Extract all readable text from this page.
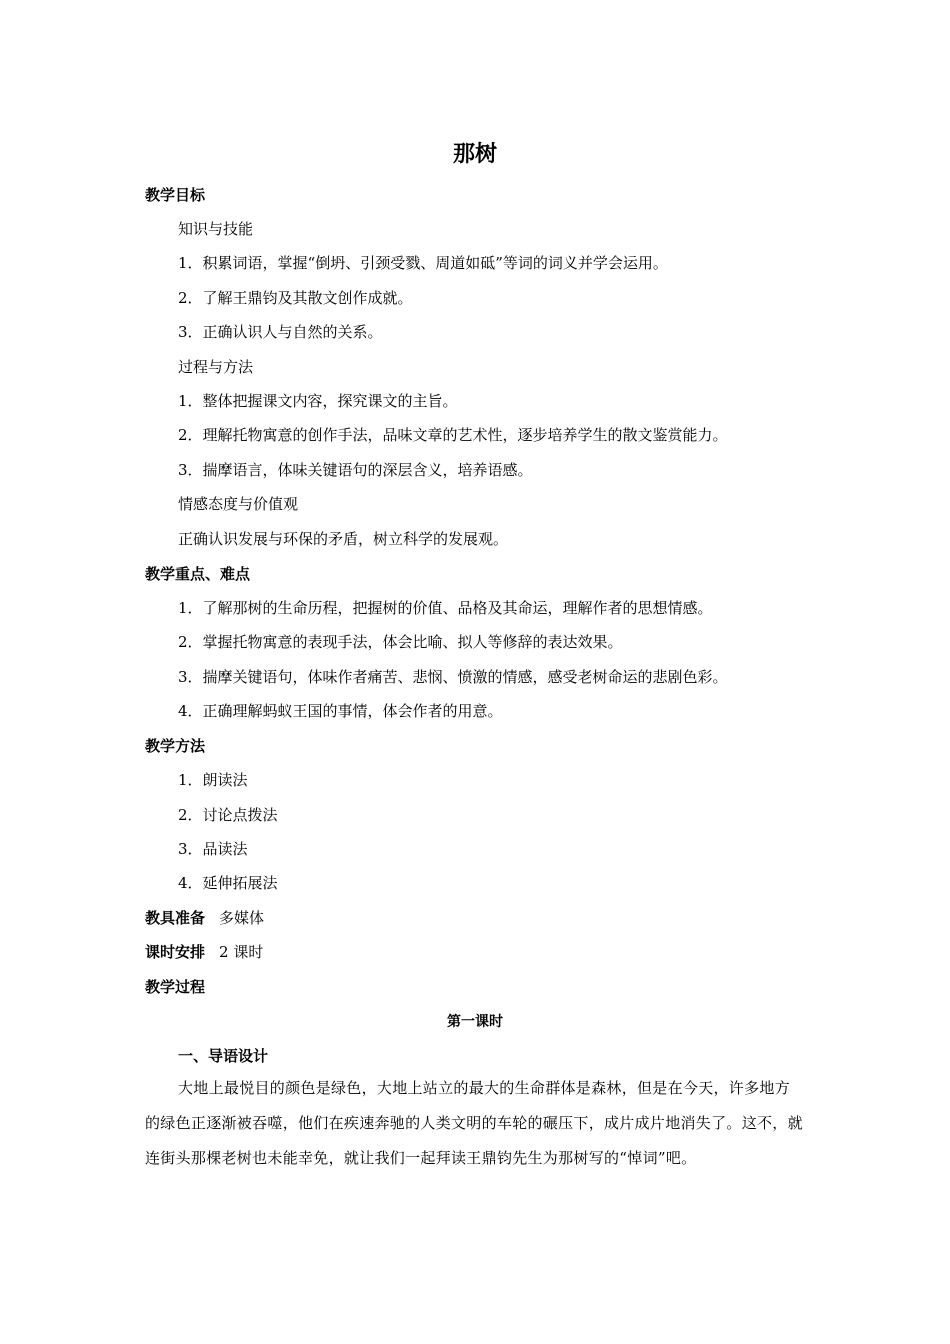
那树
教学目标
知识与技能
1．积累词语，掌握“倒坍、引颈受戮、周道如砥”等词的词义并学会运用。
2．了解王鼎钧及其散文创作成就。
3．正确认识人与自然的关系。
过程与方法
1．整体把握课文内容，探究课文的主旨。
2．理解托物寓意的创作手法，品味文章的艺术性，逐步培养学生的散文鉴赏能力。
3．揣摩语言，体味关键语句的深层含义，培养语感。
情感态度与价值观
正确认识发展与环保的矛盾，树立科学的发展观。
教学重点、难点
1．了解那树的生命历程，把握树的价值、品格及其命运，理解作者的思想情感。
2．掌握托物寓意的表现手法，体会比喻、拟人等修辞的表达效果。
3．揣摩关键语句，体味作者痛苦、悲悯、愤激的情感，感受老树命运的悲剧色彩。
4．正确理解蚂蚁王国的事情，体会作者的用意。
教学方法
1．朗读法
2．讨论点拨法
3．品读法
4．延伸拓展法
教具准备 多媒体
课时安排 2 课时
教学过程
第一课时
一、导语设计
大地上最悦目的颜色是绿色，大地上站立的最大的生命群体是森林，但是在今天，许多地方的绿色正逐渐被吞噬，他们在疾速奔驰的人类文明的车轮的碾压下，成片成片地消失了。这不，就连街头那棵老树也未能幸免，就让我们一起拜读王鼎钧先生为那树写的“悼词”吧。
